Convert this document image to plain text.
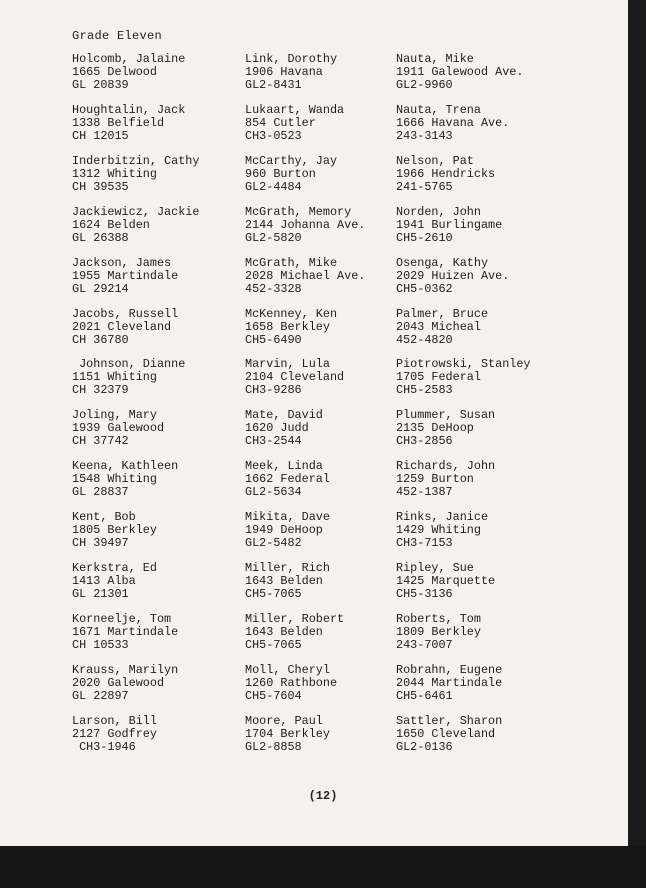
Grade Eleven
Holcomb, Jalaine
1665 Delwood
GL 20839
Houghtalin, Jack
1338 Belfield
CH 12015
Inderbitzin, Cathy
1312 Whiting
CH 39535
Jackiewicz, Jackie
1624 Belden
GL 26388
Jackson, James
1955 Martindale
GL 29214
Jacobs, Russell
2021 Cleveland
CH 36780
Johnson, Dianne
1151 Whiting
CH 32379
Joling, Mary
1939 Galewood
CH 37742
Keena, Kathleen
1548 Whiting
GL 28837
Kent, Bob
1805 Berkley
CH 39497
Kerkstra, Ed
1413 Alba
GL 21301
Korneelje, Tom
1671 Martindale
CH 10533
Krauss, Marilyn
2020 Galewood
GL 22897
Larson, Bill
2127 Godfrey
CH3-1946
Link, Dorothy
1906 Havana
GL2-8431
Lukaart, Wanda
854 Cutler
CH3-0523
McCarthy, Jay
960 Burton
GL2-4484
McGrath, Memory
2144 Johanna Ave.
GL2-5820
McGrath, Mike
2028 Michael Ave.
452-3328
McKenney, Ken
1658 Berkley
CH5-6490
Marvin, Lula
2104 Cleveland
CH3-9286
Mate, David
1620 Judd
CH3-2544
Meek, Linda
1662 Federal
GL2-5634
Mikita, Dave
1949 DeHoop
GL2-5482
Miller, Rich
1643 Belden
CH5-7065
Miller, Robert
1643 Belden
CH5-7065
Moll, Cheryl
1260 Rathbone
CH5-7604
Moore, Paul
1704 Berkley
GL2-8858
Nauta, Mike
1911 Galewood Ave.
GL2-9960
Nauta, Trena
1666 Havana Ave.
243-3143
Nelson, Pat
1966 Hendricks
241-5765
Norden, John
1941 Burlingame
CH5-2610
Osenga, Kathy
2029 Huizen Ave.
CH5-0362
Palmer, Bruce
2043 Micheal
452-4820
Piotrowski, Stanley
1705 Federal
CH5-2583
Plummer, Susan
2135 DeHoop
CH3-2856
Richards, John
1259 Burton
452-1387
Rinks, Janice
1429 Whiting
CH3-7153
Ripley, Sue
1425 Marquette
CH5-3136
Roberts, Tom
1809 Berkley
243-7007
Robrahn, Eugene
2044 Martindale
CH5-6461
Sattler, Sharon
1650 Cleveland
GL2-0136
(12)
